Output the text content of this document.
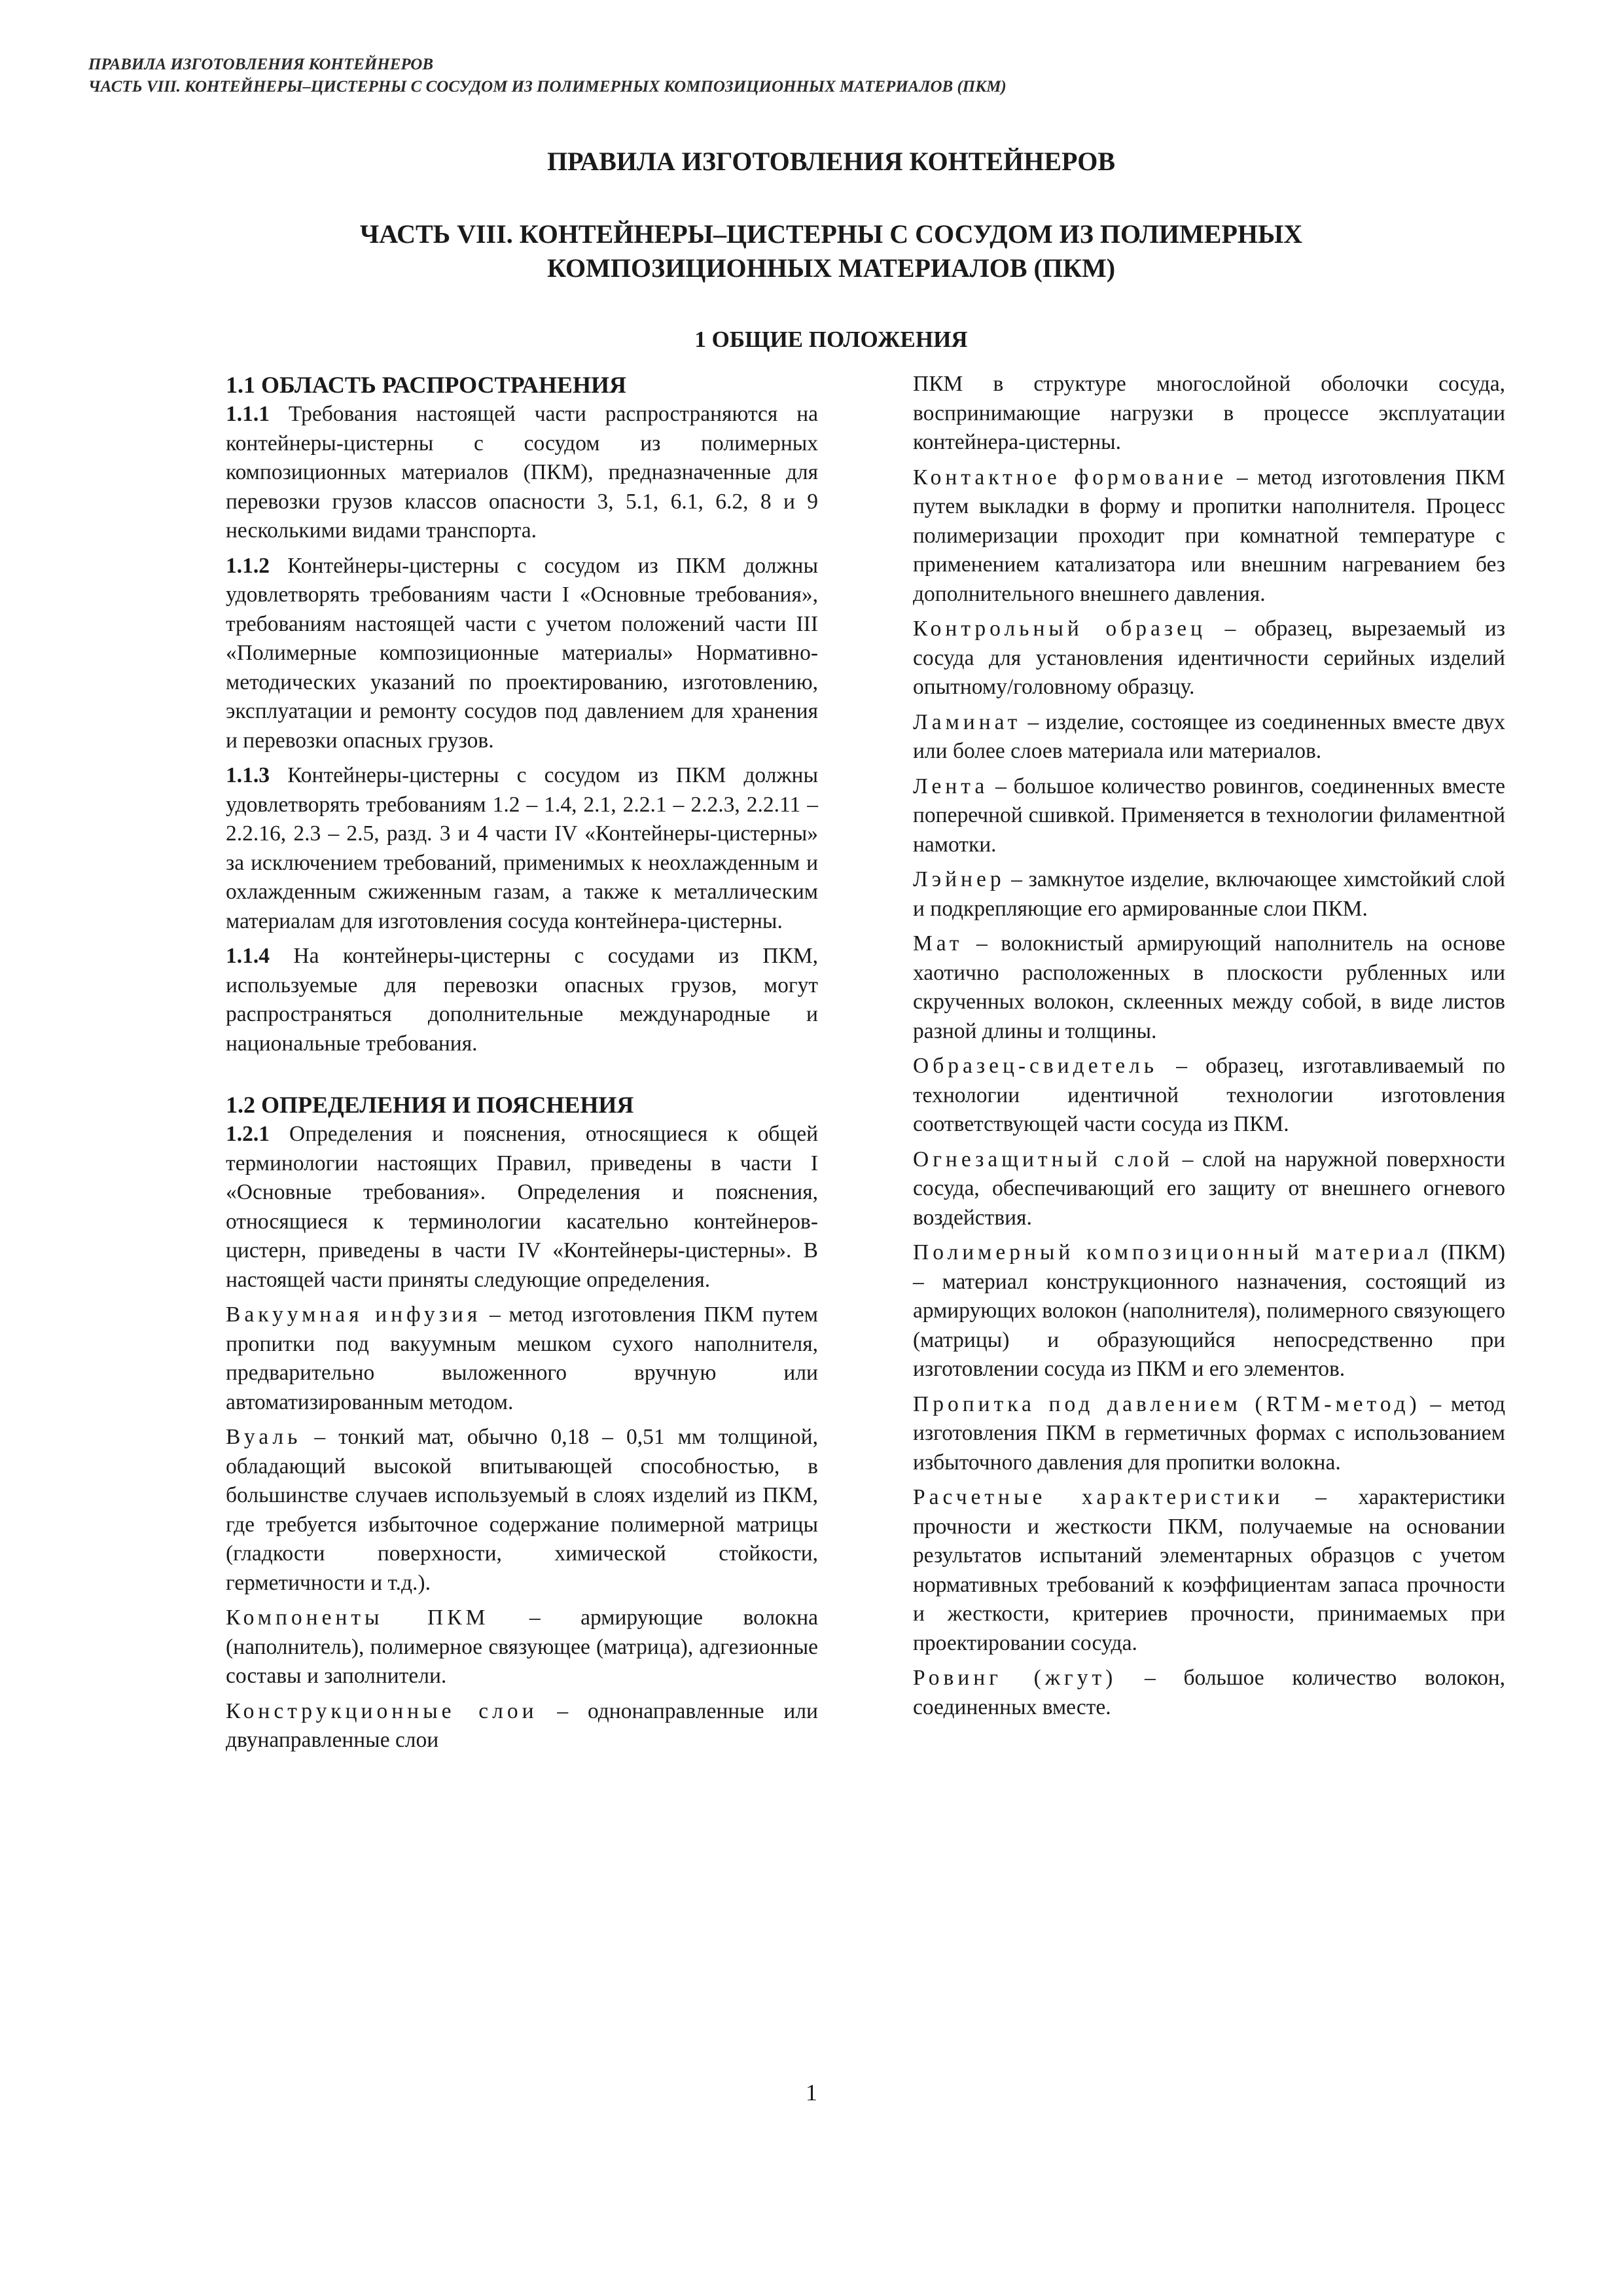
ПРАВИЛА ИЗГОТОВЛЕНИЯ КОНТЕЙНЕРОВ
ЧАСТЬ VIII. КОНТЕЙНЕРЫ–ЦИСТЕРНЫ С СОСУДОМ ИЗ ПОЛИМЕРНЫХ КОМПОЗИЦИОННЫХ МАТЕРИАЛОВ (ПКМ)

ПРАВИЛА ИЗГОТОВЛЕНИЯ КОНТЕЙНЕРОВ

ЧАСТЬ VIII. КОНТЕЙНЕРЫ–ЦИСТЕРНЫ С СОСУДОМ ИЗ ПОЛИМЕРНЫХ
КОМПОЗИЦИОННЫХ МАТЕРИАЛОВ (ПКМ)

1 ОБЩИЕ ПОЛОЖЕНИЯ

1.1 ОБЛАСТЬ РАСПРОСТРАНЕНИЯ

1.1.1 Требования настоящей части распространяются на контейнеры-цистерны с сосудом из полимерных композиционных материалов (ПКМ), предназначенные для перевозки грузов классов опасности 3, 5.1, 6.1, 6.2, 8 и 9 несколькими видами транспорта.

1.1.2 Контейнеры-цистерны с сосудом из ПКМ должны удовлетворять требованиям части I «Основные требования», требованиям настоящей части с учетом положений части III «Полимерные композиционные материалы» Нормативно-методических указаний по проектированию, изготовлению, эксплуатации и ремонту сосудов под давлением для хранения и перевозки опасных грузов.

1.1.3 Контейнеры-цистерны с сосудом из ПКМ должны удовлетворять требованиям 1.2 – 1.4, 2.1, 2.2.1 – 2.2.3, 2.2.11 – 2.2.16, 2.3 – 2.5, разд. 3 и 4 части IV «Контейнеры-цистерны» за исключением требований, применимых к неохлажденным и охлажденным сжиженным газам, а также к металлическим материалам для изготовления сосуда контейнера-цистерны.

1.1.4 На контейнеры-цистерны с сосудами из ПКМ, используемые для перевозки опасных грузов, могут распространяться дополнительные международные и национальные требования.

1.2 ОПРЕДЕЛЕНИЯ И ПОЯСНЕНИЯ

1.2.1 Определения и пояснения, относящиеся к общей терминологии настоящих Правил, приведены в части I «Основные требования». Определения и пояснения, относящиеся к терминологии касательно контейнеров-цистерн, приведены в части IV «Контейнеры-цистерны». В настоящей части приняты следующие определения.

Вакуумная инфузия – метод изготовления ПКМ путем пропитки под вакуумным мешком сухого наполнителя, предварительно выложенного вручную или автоматизированным методом.

Вуаль – тонкий мат, обычно 0,18 – 0,51 мм толщиной, обладающий высокой впитывающей способностью, в большинстве случаев используемый в слоях изделий из ПКМ, где требуется избыточное содержание полимерной матрицы (гладкости поверхности, химической стойкости, герметичности и т.д.).

Компоненты ПКМ – армирующие волокна (наполнитель), полимерное связующее (матрица), адгезионные составы и заполнители.

Конструкционные слои – однонаправленные или двунаправленные слои

ПКМ в структуре многослойной оболочки сосуда, воспринимающие нагрузки в процессе эксплуатации контейнера-цистерны.

Контактное формование – метод изготовления ПКМ путем выкладки в форму и пропитки наполнителя. Процесс полимеризации проходит при комнатной температуре с применением катализатора или внешним нагреванием без дополнительного внешнего давления.

Контрольный образец – образец, вырезаемый из сосуда для установления идентичности серийных изделий опытному/головному образцу.

Ламинат – изделие, состоящее из соединенных вместе двух или более слоев материала или материалов.

Лента – большое количество ровингов, соединенных вместе поперечной сшивкой. Применяется в технологии филаментной намотки.

Лэйнер – замкнутое изделие, включающее химстойкий слой и подкрепляющие его армированные слои ПКМ.

Мат – волокнистый армирующий наполнитель на основе хаотично расположенных в плоскости рубленных или скрученных волокон, склеенных между собой, в виде листов разной длины и толщины.

Образец-свидетель – образец, изготавливаемый по технологии идентичной технологии изготовления соответствующей части сосуда из ПКМ.

Огнезащитный слой – слой на наружной поверхности сосуда, обеспечивающий его защиту от внешнего огневого воздействия.

Полимерный композиционный материал (ПКМ) – материал конструкционного назначения, состоящий из армирующих волокон (наполнителя), полимерного связующего (матрицы) и образующийся непосредственно при изготовлении сосуда из ПКМ и его элементов.

Пропитка под давлением (RTM-метод) – метод изготовления ПКМ в герметичных формах с использованием избыточного давления для пропитки волокна.

Расчетные характеристики – характеристики прочности и жесткости ПКМ, получаемые на основании результатов испытаний элементарных образцов с учетом нормативных требований к коэффициентам запаса прочности и жесткости, критериев прочности, принимаемых при проектировании сосуда.

Ровинг (жгут) – большое количество волокон, соединенных вместе.

1
